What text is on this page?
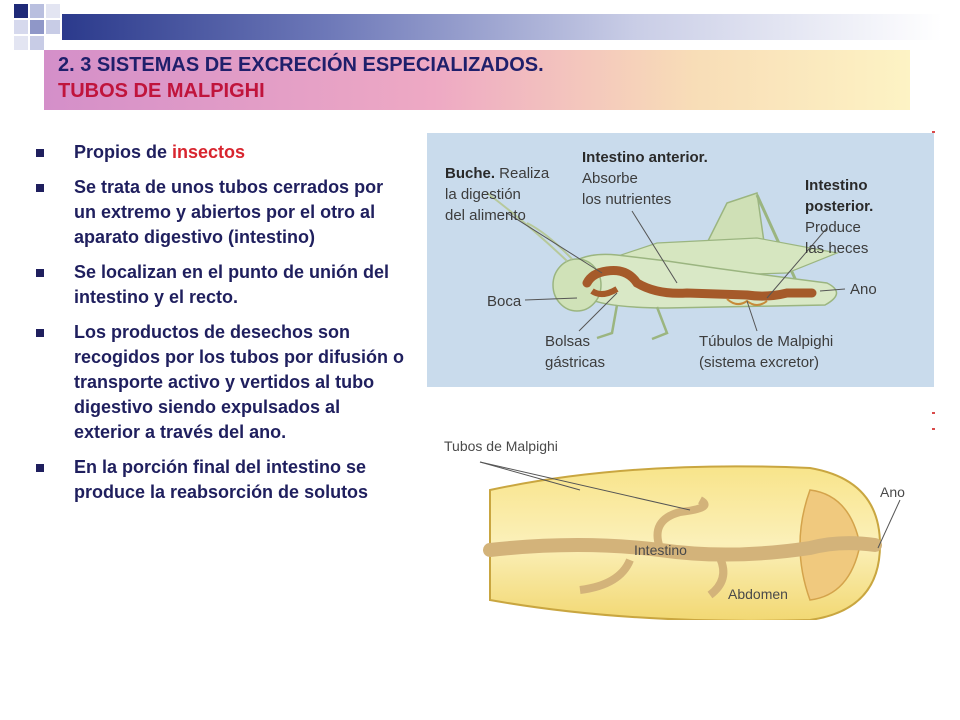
2. 3 SISTEMAS DE EXCRECIÓN ESPECIALIZADOS.
TUBOS DE MALPIGHI
Propios de insectos
Se trata de unos tubos cerrados por un extremo y abiertos por el otro al aparato digestivo (intestino)
Se localizan en el punto de unión del intestino y el recto.
Los productos de desechos son recogidos por los tubos por difusión o transporte activo y vertidos al tubo digestivo siendo expulsados al exterior a través del ano.
En la porción final del intestino se produce la reabsorción de solutos
Buche. Realiza
la digestión
del alimento
Intestino anterior.
Absorbe
los nutrientes
Intestino
posterior.
Produce
las heces
Boca
Ano
Bolsas
gástricas
Túbulos de Malpighi
(sistema excretor)
Tubos de Malpighi
Ano
Intestino
Abdomen
